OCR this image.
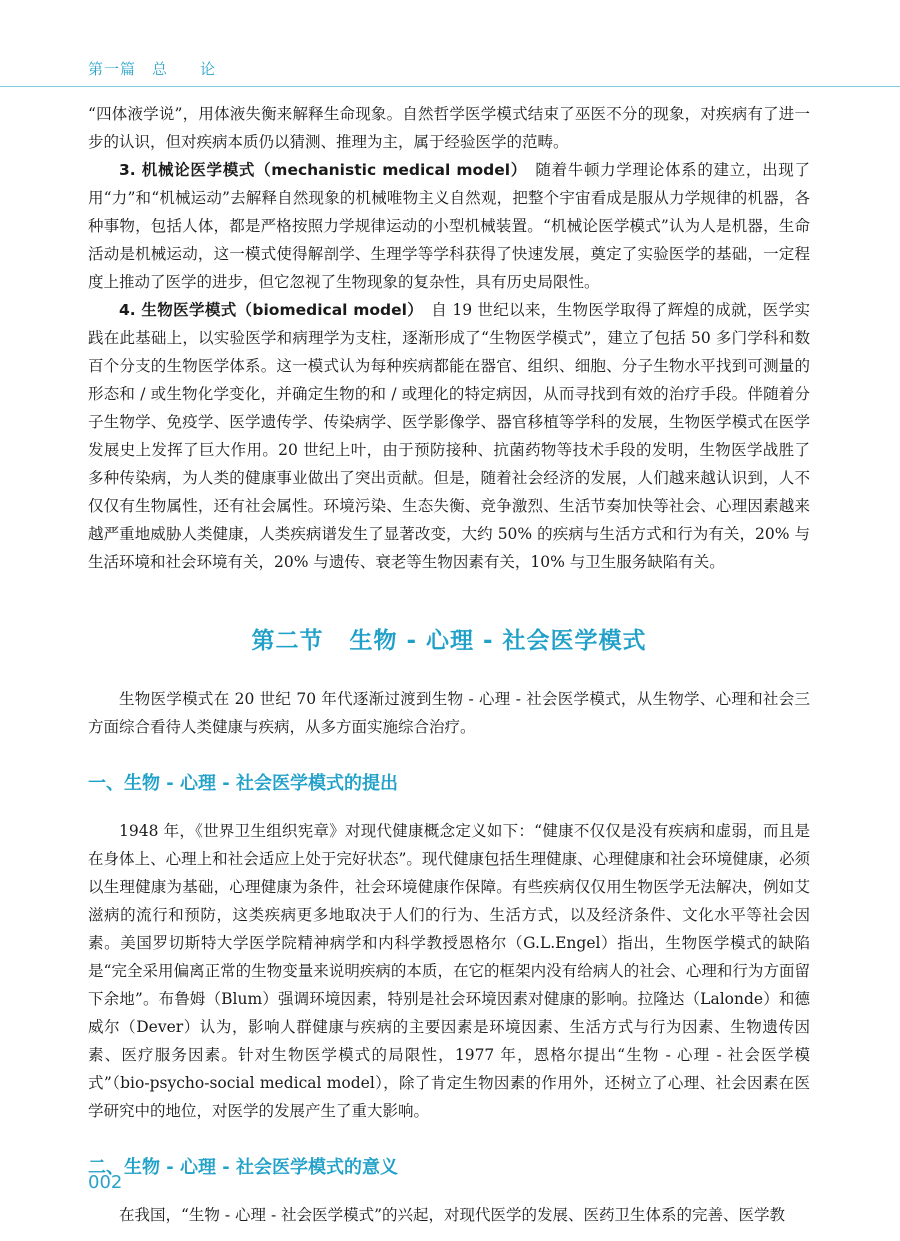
第一篇　总　　论

“四体液学说”，用体液失衡来解释生命现象。自然哲学医学模式结束了巫医不分的现象，对疾病有了进一步的认识，但对疾病本质仍以猜测、推理为主，属于经验医学的范畴。

3. 机械论医学模式（mechanistic medical model）　随着牛顿力学理论体系的建立，出现了用“力”和“机械运动”去解释自然现象的机械唯物主义自然观，把整个宇宙看成是服从力学规律的机器，各种事物，包括人体，都是严格按照力学规律运动的小型机械装置。“机械论医学模式”认为人是机器，生命活动是机械运动，这一模式使得解剖学、生理学等学科获得了快速发展，奠定了实验医学的基础，一定程度上推动了医学的进步，但它忽视了生物现象的复杂性，具有历史局限性。

4. 生物医学模式（biomedical model）　自 19 世纪以来，生物医学取得了辉煌的成就，医学实践在此基础上，以实验医学和病理学为支柱，逐渐形成了“生物医学模式”，建立了包括 50 多门学科和数百个分支的生物医学体系。这一模式认为每种疾病都能在器官、组织、细胞、分子生物水平找到可测量的形态和 / 或生物化学变化，并确定生物的和 / 或理化的特定病因，从而寻找到有效的治疗手段。伴随着分子生物学、免疫学、医学遗传学、传染病学、医学影像学、器官移植等学科的发展，生物医学模式在医学发展史上发挥了巨大作用。20 世纪上叶，由于预防接种、抗菌药物等技术手段的发明，生物医学战胜了多种传染病，为人类的健康事业做出了突出贡献。但是，随着社会经济的发展，人们越来越认识到，人不仅仅有生物属性，还有社会属性。环境污染、生态失衡、竞争激烈、生活节奏加快等社会、心理因素越来越严重地威胁人类健康，人类疾病谱发生了显著改变，大约 50% 的疾病与生活方式和行为有关，20% 与生活环境和社会环境有关，20% 与遗传、衰老等生物因素有关，10% 与卫生服务缺陷有关。

第二节 生物 - 心理 - 社会医学模式

生物医学模式在 20 世纪 70 年代逐渐过渡到生物 - 心理 - 社会医学模式，从生物学、心理和社会三方面综合看待人类健康与疾病，从多方面实施综合治疗。

一、生物 - 心理 - 社会医学模式的提出

1948 年，《世界卫生组织宪章》对现代健康概念定义如下：“健康不仅仅是没有疾病和虚弱，而且是在身体上、心理上和社会适应上处于完好状态”。现代健康包括生理健康、心理健康和社会环境健康，必须以生理健康为基础，心理健康为条件，社会环境健康作保障。有些疾病仅仅用生物医学无法解决，例如艾滋病的流行和预防，这类疾病更多地取决于人们的行为、生活方式，以及经济条件、文化水平等社会因素。美国罗切斯特大学医学院精神病学和内科学教授恩格尔（G.L.Engel）指出，生物医学模式的缺陷是“完全采用偏离正常的生物变量来说明疾病的本质，在它的框架内没有给病人的社会、心理和行为方面留下余地”。布鲁姆（Blum）强调环境因素，特别是社会环境因素对健康的影响。拉隆达（Lalonde）和德威尔（Dever）认为，影响人群健康与疾病的主要因素是环境因素、生活方式与行为因素、生物遗传因素、医疗服务因素。针对生物医学模式的局限性，1977 年，恩格尔提出“生物 - 心理 - 社会医学模式”（bio-psycho-social medical model），除了肯定生物因素的作用外，还树立了心理、社会因素在医学研究中的地位，对医学的发展产生了重大影响。

二、生物 - 心理 - 社会医学模式的意义

在我国，“生物 - 心理 - 社会医学模式”的兴起，对现代医学的发展、医药卫生体系的完善、医学教

002
